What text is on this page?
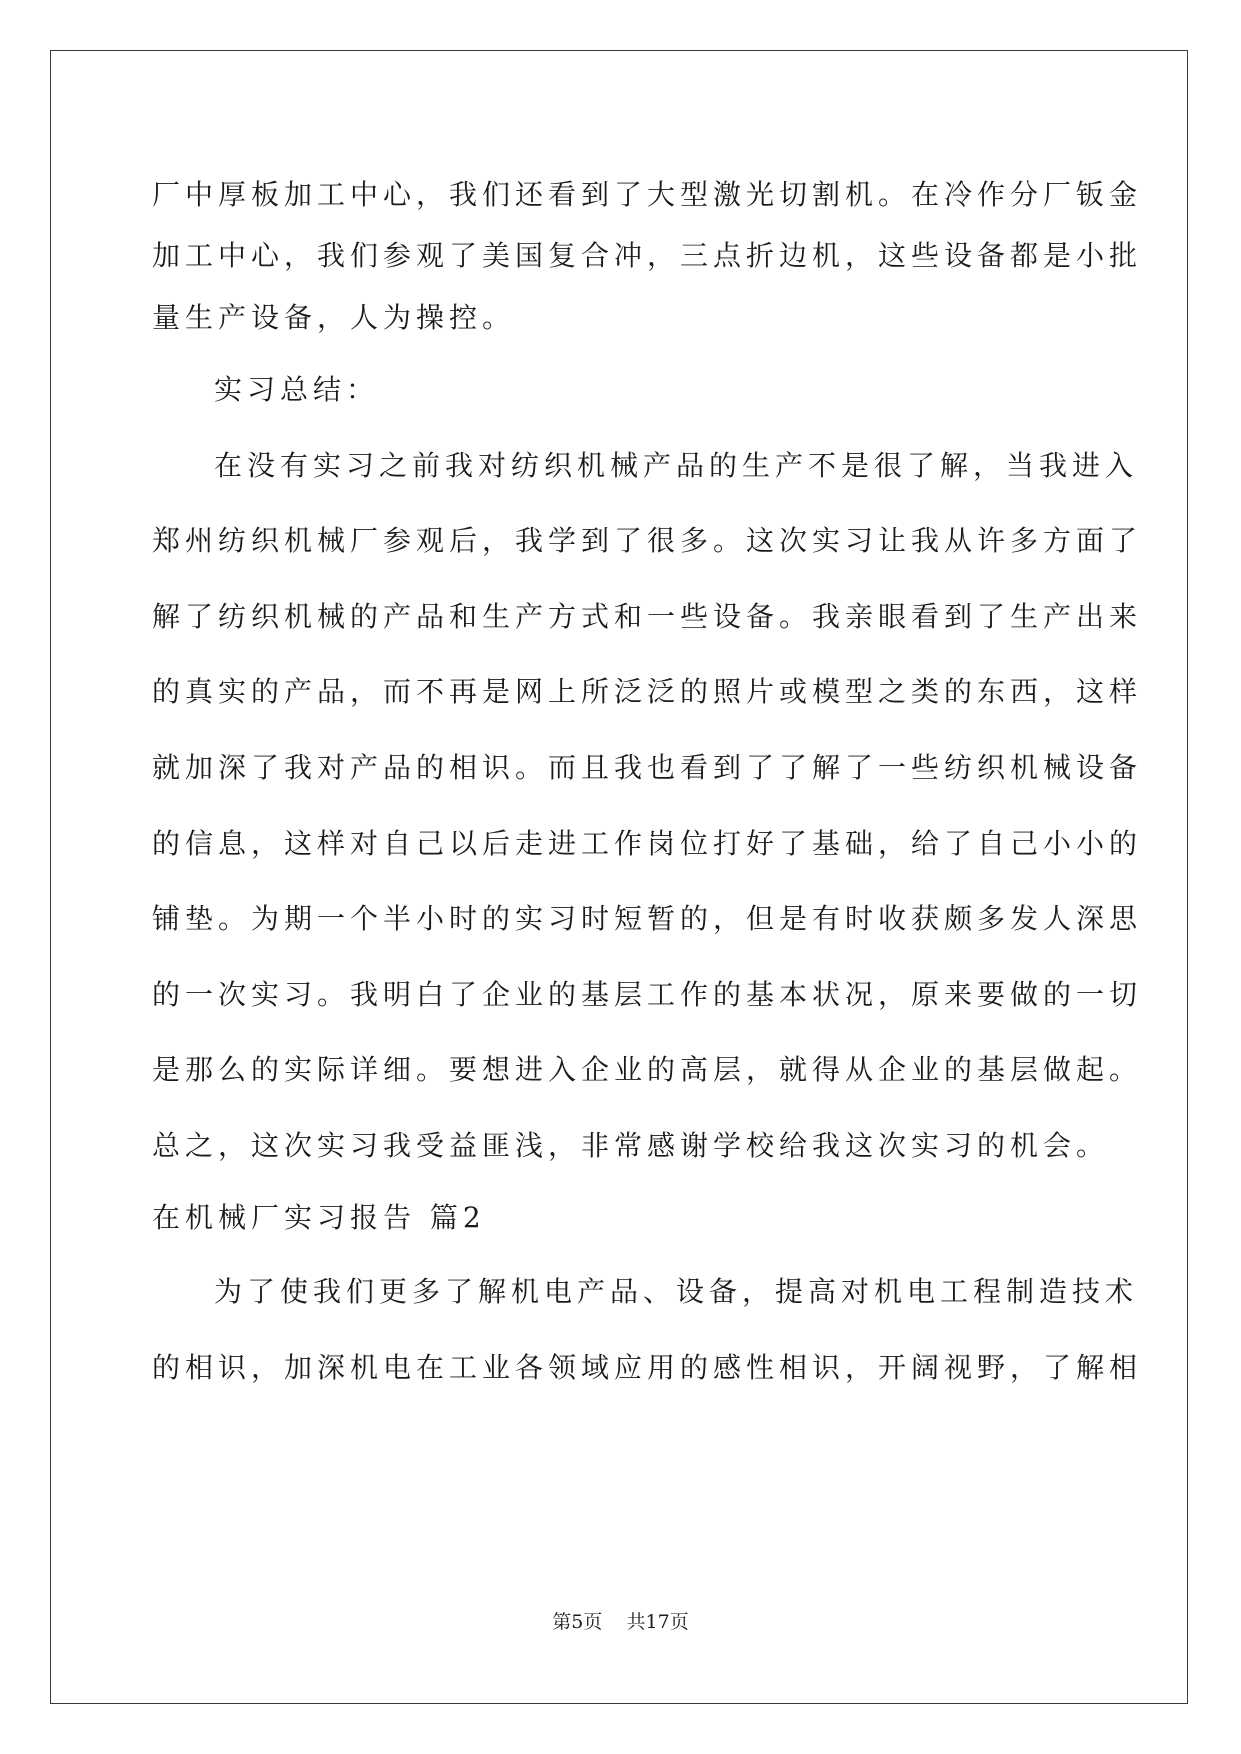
厂中厚板加工中心，我们还看到了大型激光切割机。在冷作分厂钣金
加工中心，我们参观了美国复合冲，三点折边机，这些设备都是小批
量生产设备，人为操控。
实习总结：
在没有实习之前我对纺织机械产品的生产不是很了解，当我进入
郑州纺织机械厂参观后，我学到了很多。这次实习让我从许多方面了
解了纺织机械的产品和生产方式和一些设备。我亲眼看到了生产出来
的真实的产品，而不再是网上所泛泛的照片或模型之类的东西，这样
就加深了我对产品的相识。而且我也看到了了解了一些纺织机械设备
的信息，这样对自己以后走进工作岗位打好了基础，给了自己小小的
铺垫。为期一个半小时的实习时短暂的，但是有时收获颇多发人深思
的一次实习。我明白了企业的基层工作的基本状况，原来要做的一切
是那么的实际详细。要想进入企业的高层，就得从企业的基层做起。
总之，这次实习我受益匪浅，非常感谢学校给我这次实习的机会。
在机械厂实习报告 篇2
为了使我们更多了解机电产品、设备，提高对机电工程制造技术
的相识，加深机电在工业各领域应用的感性相识，开阔视野，了解相
第5页 共17页
